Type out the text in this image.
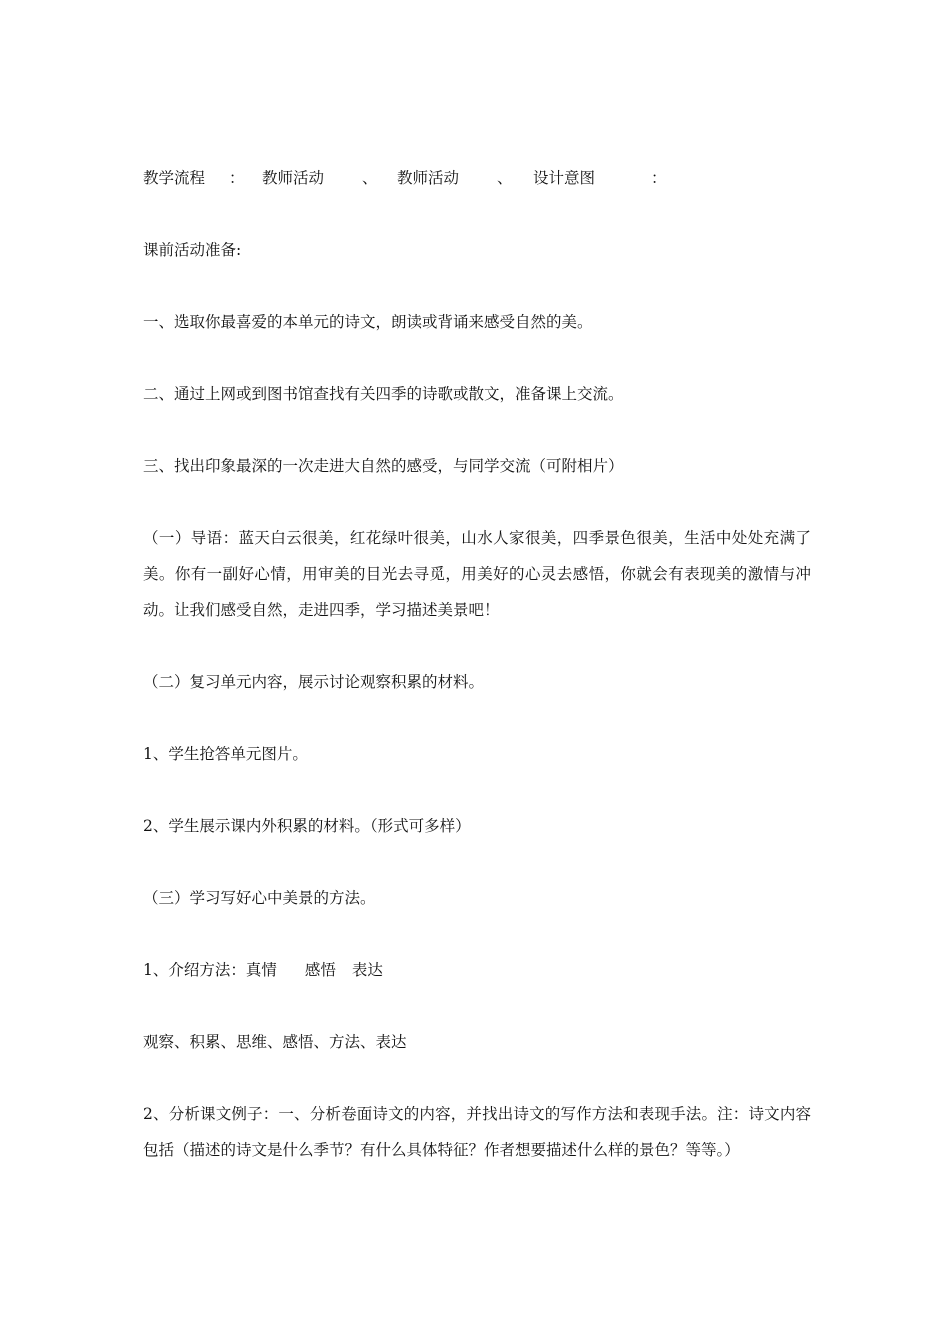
教学流程 ： 教师活动 、 教师活动 、 设计意图	：

课前活动准备:

一、选取你最喜爱的本单元的诗文，朗读或背诵来感受自然的美。

二、通过上网或到图书馆查找有关四季的诗歌或散文，准备课上交流。

三、找出印象最深的一次走进大自然的感受，与同学交流（可附相片）

（一）导语：蓝天白云很美，红花绿叶很美，山水人家很美，四季景色很美，生活中处处充满了美。你有一副好心情，用审美的目光去寻觅，用美好的心灵去感悟，你就会有表现美的激情与冲动。让我们感受自然，走进四季，学习描述美景吧！

（二）复习单元内容，展示讨论观察积累的材料。

1、学生抢答单元图片。

2、学生展示课内外积累的材料。（形式可多样）

（三）学习写好心中美景的方法。

1、介绍方法：真情 感悟 表达

观察、积累、思维、感悟、方法、表达

2、分析课文例子：一、分析卷面诗文的内容，并找出诗文的写作方法和表现手法。注：诗文内容包括（描述的诗文是什么季节？有什么具体特征？作者想要描述什么样的景色？等等。）
